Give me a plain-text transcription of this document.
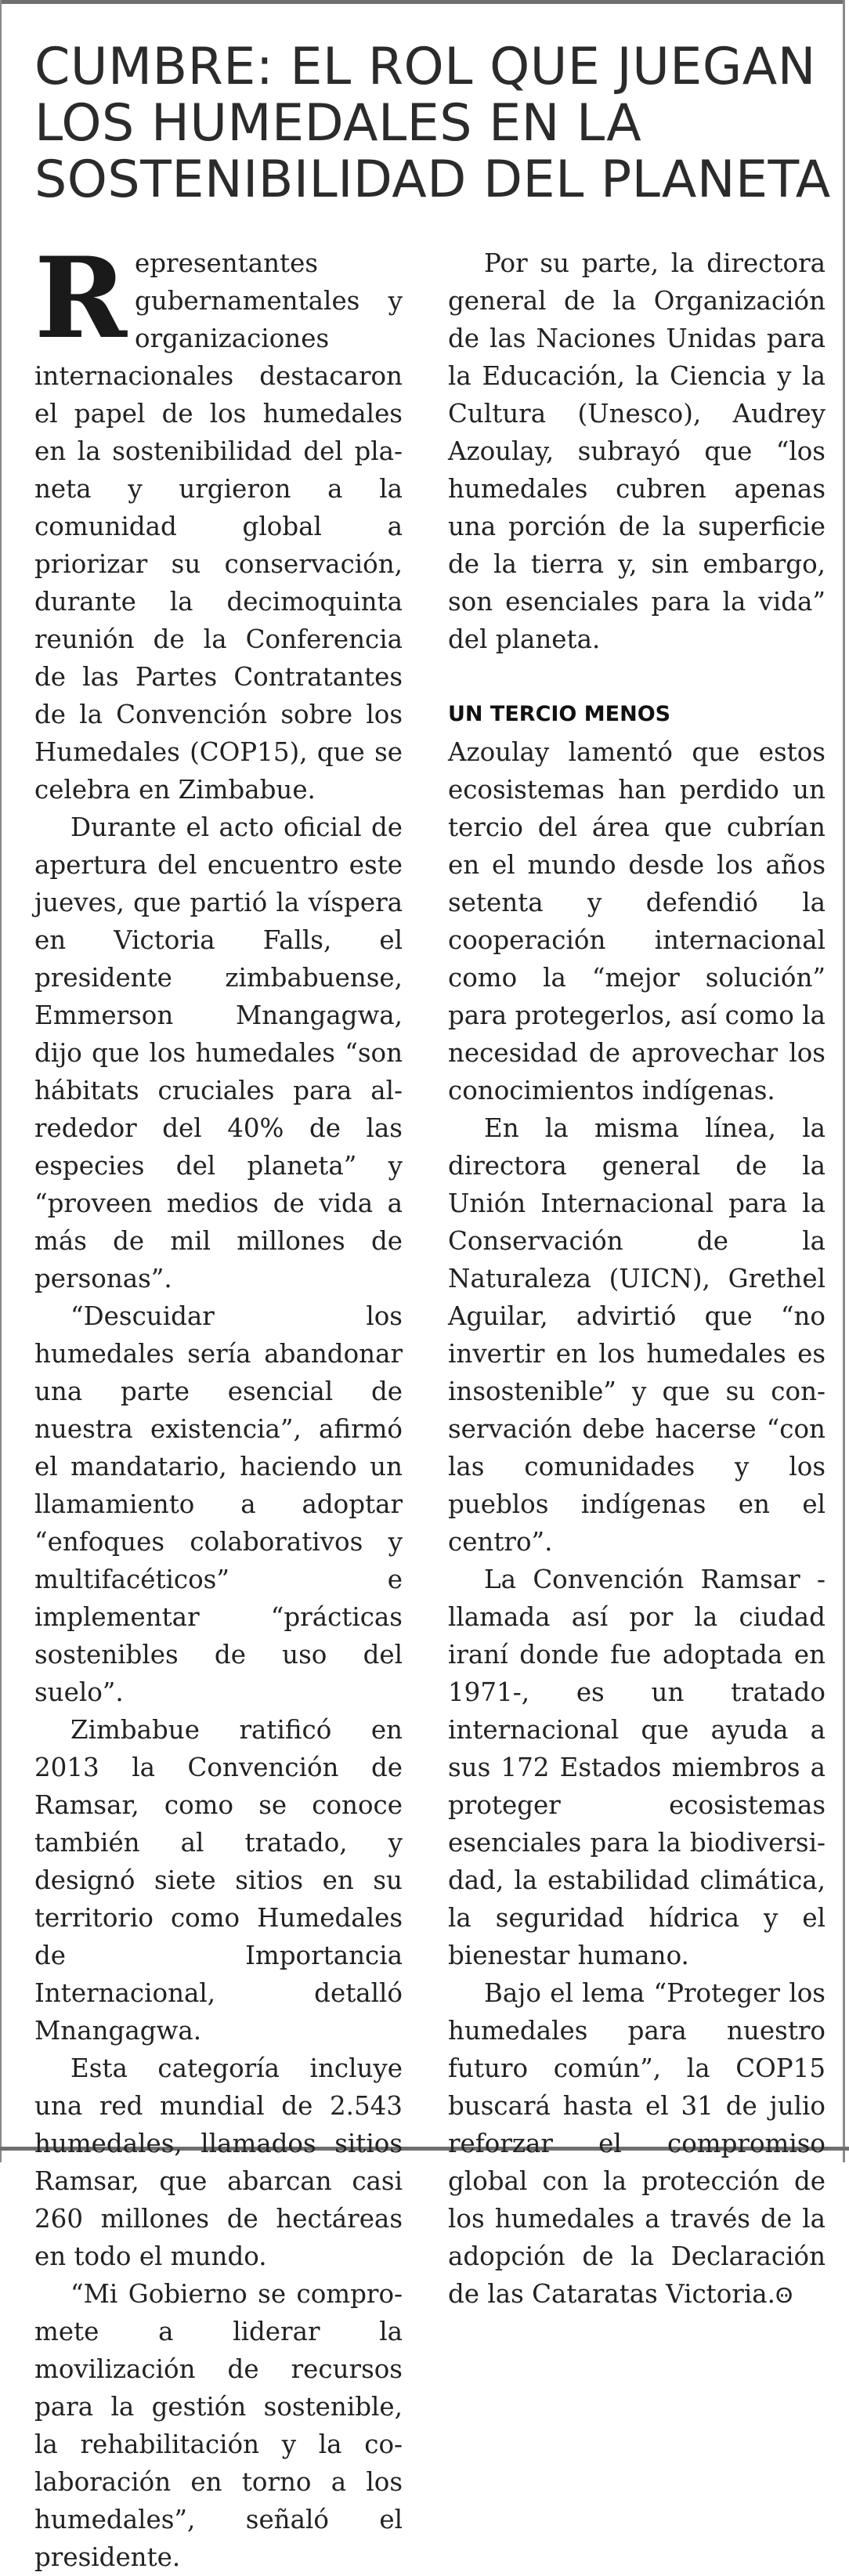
CUMBRE: EL ROL QUE JUEGAN
LOS HUMEDALES EN LA
SOSTENIBILIDAD DEL PLANETA

Representantes gubernamentales y organizaciones internacionales destacaron el papel de los humedales en la sostenibilidad del planeta y urgieron a la comunidad global a priorizar su conservación, durante la decimoquinta reunión de la Conferencia de las Partes Contratantes de la Convención sobre los Humedales (COP15), que se celebra en Zimbabue.

Durante el acto oficial de apertura del encuentro este jueves, que partió la víspera en Victoria Falls, el presidente zimbabuense, Emmerson Mnangagwa, dijo que los humedales “son hábitats cruciales para alrededor del 40% de las especies del planeta” y “proveen medios de vida a más de mil millones de personas”.

“Descuidar los humedales sería abandonar una parte esencial de nuestra existencia”, afirmó el mandatario, haciendo un llamamiento a adoptar “enfoques colaborativos y multifacéticos” e implementar “prácticas sostenibles de uso del suelo”.

Zimbabue ratificó en 2013 la Convención de Ramsar, como se conoce también al tratado, y designó siete sitios en su territorio como Humedales de Importancia Internacional, detalló Mnangagwa.

Esta categoría incluye una red mundial de 2.543 humedales, llamados sitios Ramsar, que abarcan casi 260 millones de hectáreas en todo el mundo.

“Mi Gobierno se compromete a liderar la movilización de recursos para la gestión sostenible, la rehabilitación y la colaboración en torno a los humedales”, señaló el presidente.

Por su parte, la directora general de la Organización de las Naciones Unidas para la Educación, la Ciencia y la Cultura (Unesco), Audrey Azoulay, subrayó que “los humedales cubren apenas una porción de la superficie de la tierra y, sin embargo, son esenciales para la vida” del planeta.

UN TERCIO MENOS

Azoulay lamentó que estos ecosistemas han perdido un tercio del área que cubrían en el mundo desde los años setenta y defendió la cooperación internacional como la “mejor solución” para protegerlos, así como la necesidad de aprovechar los conocimientos indígenas.

En la misma línea, la directora general de la Unión Internacional para la Conservación de la Naturaleza (UICN), Grethel Aguilar, advirtió que “no invertir en los humedales es insostenible” y que su conservación debe hacerse “con las comunidades y los pueblos indígenas en el centro”.

La Convención Ramsar -llamada así por la ciudad iraní donde fue adoptada en 1971-, es un tratado internacional que ayuda a sus 172 Estados miembros a proteger ecosistemas esenciales para la biodiversidad, la estabilidad climática, la seguridad hídrica y el bienestar humano.

Bajo el lema “Proteger los humedales para nuestro futuro común”, la COP15 buscará hasta el 31 de julio reforzar el compromiso global con la protección de los humedales a través de la adopción de la Declaración de las Cataratas Victoria.Ꙫ
